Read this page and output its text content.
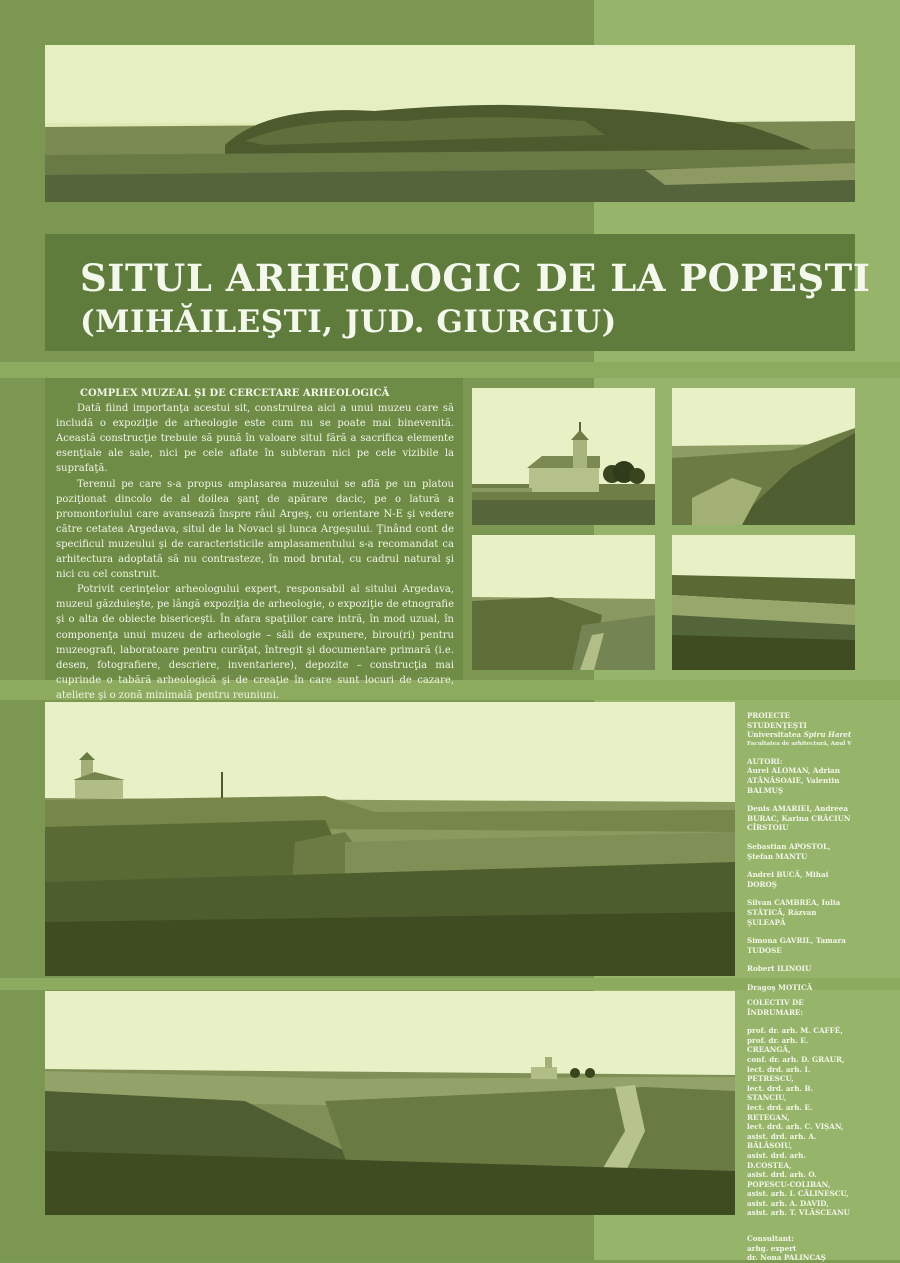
SITUL ARHEOLOGIC DE LA POPEŞTI
(MIHĂILEŞTI, JUD. GIURGIU)

COMPLEX MUZEAL ŞI DE CERCETARE ARHEOLOGICĂ

Dată fiind importanţa acestui sit, construirea aici a unui muzeu care să includă o expoziţie de arheologie este cum nu se poate mai binevenită. Această construcţie trebuie să pună în valoare situl fără a sacrifica elemente esenţiale ale sale, nici pe cele aflate în subteran nici pe cele vizibile la suprafaţă.

Terenul pe care s-a propus amplasarea muzeului se află pe un platou poziţionat dincolo de al doilea şanţ de apărare dacic, pe o latură a promontoriului care avansează înspre râul Argeş, cu orientare N-E şi vedere către cetatea Argedava, situl de la Novaci şi lunca Argeşului. Ţinând cont de specificul muzeului şi de caracteristicile amplasamentului s-a recomandat ca arhitectura adoptată să nu contrasteze, în mod brutal, cu cadrul natural şi nici cu cel construit.

Potrivit cerinţelor arheologului expert, responsabil al sitului Argedava, muzeul găzduieşte, pe lângă expoziţia de arheologie, o expoziţie de etnografie şi o alta de obiecte bisericeşti. În afara spaţiilor care intră, în mod uzual, în componenţa unui muzeu de arheologie – săli de expunere, birou(ri) pentru muzeografi, laboratoare pentru curăţat, întregit şi documentare primară (i.e. desen, fotografiere, descriere, inventariere), depozite – construcţia mai cuprinde o tabără arheologică şi de creaţie în care sunt locuri de cazare, ateliere şi o zonă minimală pentru reuniuni.

PROIECTE STUDENŢEŞTI
Universitatea Spiru Haret
Facultatea de arhitectură, Anul V
AUTORI:
Aurel ALOMAN, Adrian ATĂNĂSOAIE, Valentin BALMUŞ
Denis AMARIEI, Andreea BURAC, Karina CRĂCIUN CÎRSTOIU
Sebastian APOSTOL, Ştefan MANTU
Andrei BUCĂ, Mihai DOROŞ
Silvan CAMBREA, Iulia STĂTICĂ, Răzvan ŞULEAPĂ
Simona GAVRIL, Tamara TUDOSE
Robert ILINOIU
Dragoş MOTICĂ
COLECTIV DE ÎNDRUMARE:
prof. dr. arh. M. CAFFÉ,
prof. dr. arh. E. CREANGĂ,
conf. dr. arh. D. GRAUR,
lect. drd. arh. I. PETRESCU,
lect. drd. arh. B. STANCIU,
lect. drd. arh. E. RETEGAN,
lect. drd. arh. C. VIŞAN,
asist. drd. arh. A. BĂLĂSOIU,
asist. drd. arh. D.COSTEA,
asist. drd. arh. O. POPESCU-COLIBAN,
asist. arh. I. CĂLINESCU,
asist. arh. A. DAVID,
asist. arh. T. VLĂSCEANU
Consultant:
arhg. expert
dr. Nona PALINCAŞ
